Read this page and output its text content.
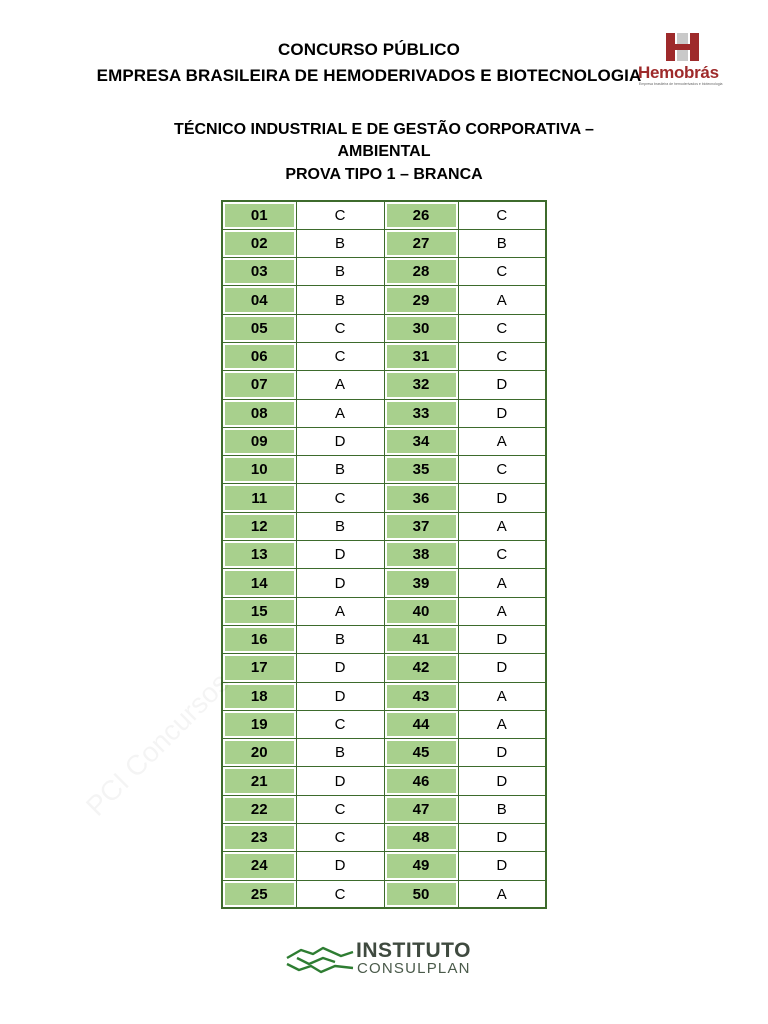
CONCURSO PÚBLICO
EMPRESA BRASILEIRA DE HEMODERIVADOS E BIOTECNOLOGIA
Hemobrás
Empresa brasileira de hemoderivados e biotecnologia
TÉCNICO INDUSTRIAL E DE GESTÃO CORPORATIVA –
AMBIENTAL
PROVA TIPO 1 – BRANCA
01	C	26	C
02	B	27	B
03	B	28	C
04	B	29	A
05	C	30	C
06	C	31	C
07	A	32	D
08	A	33	D
09	D	34	A
10	B	35	C
11	C	36	D
12	B	37	A
13	D	38	C
14	D	39	A
15	A	40	A
16	B	41	D
17	D	42	D
18	D	43	A
19	C	44	A
20	B	45	D
21	D	46	D
22	C	47	B
23	C	48	D
24	D	49	D
25	C	50	A
INSTITUTO
CONSULPLAN
